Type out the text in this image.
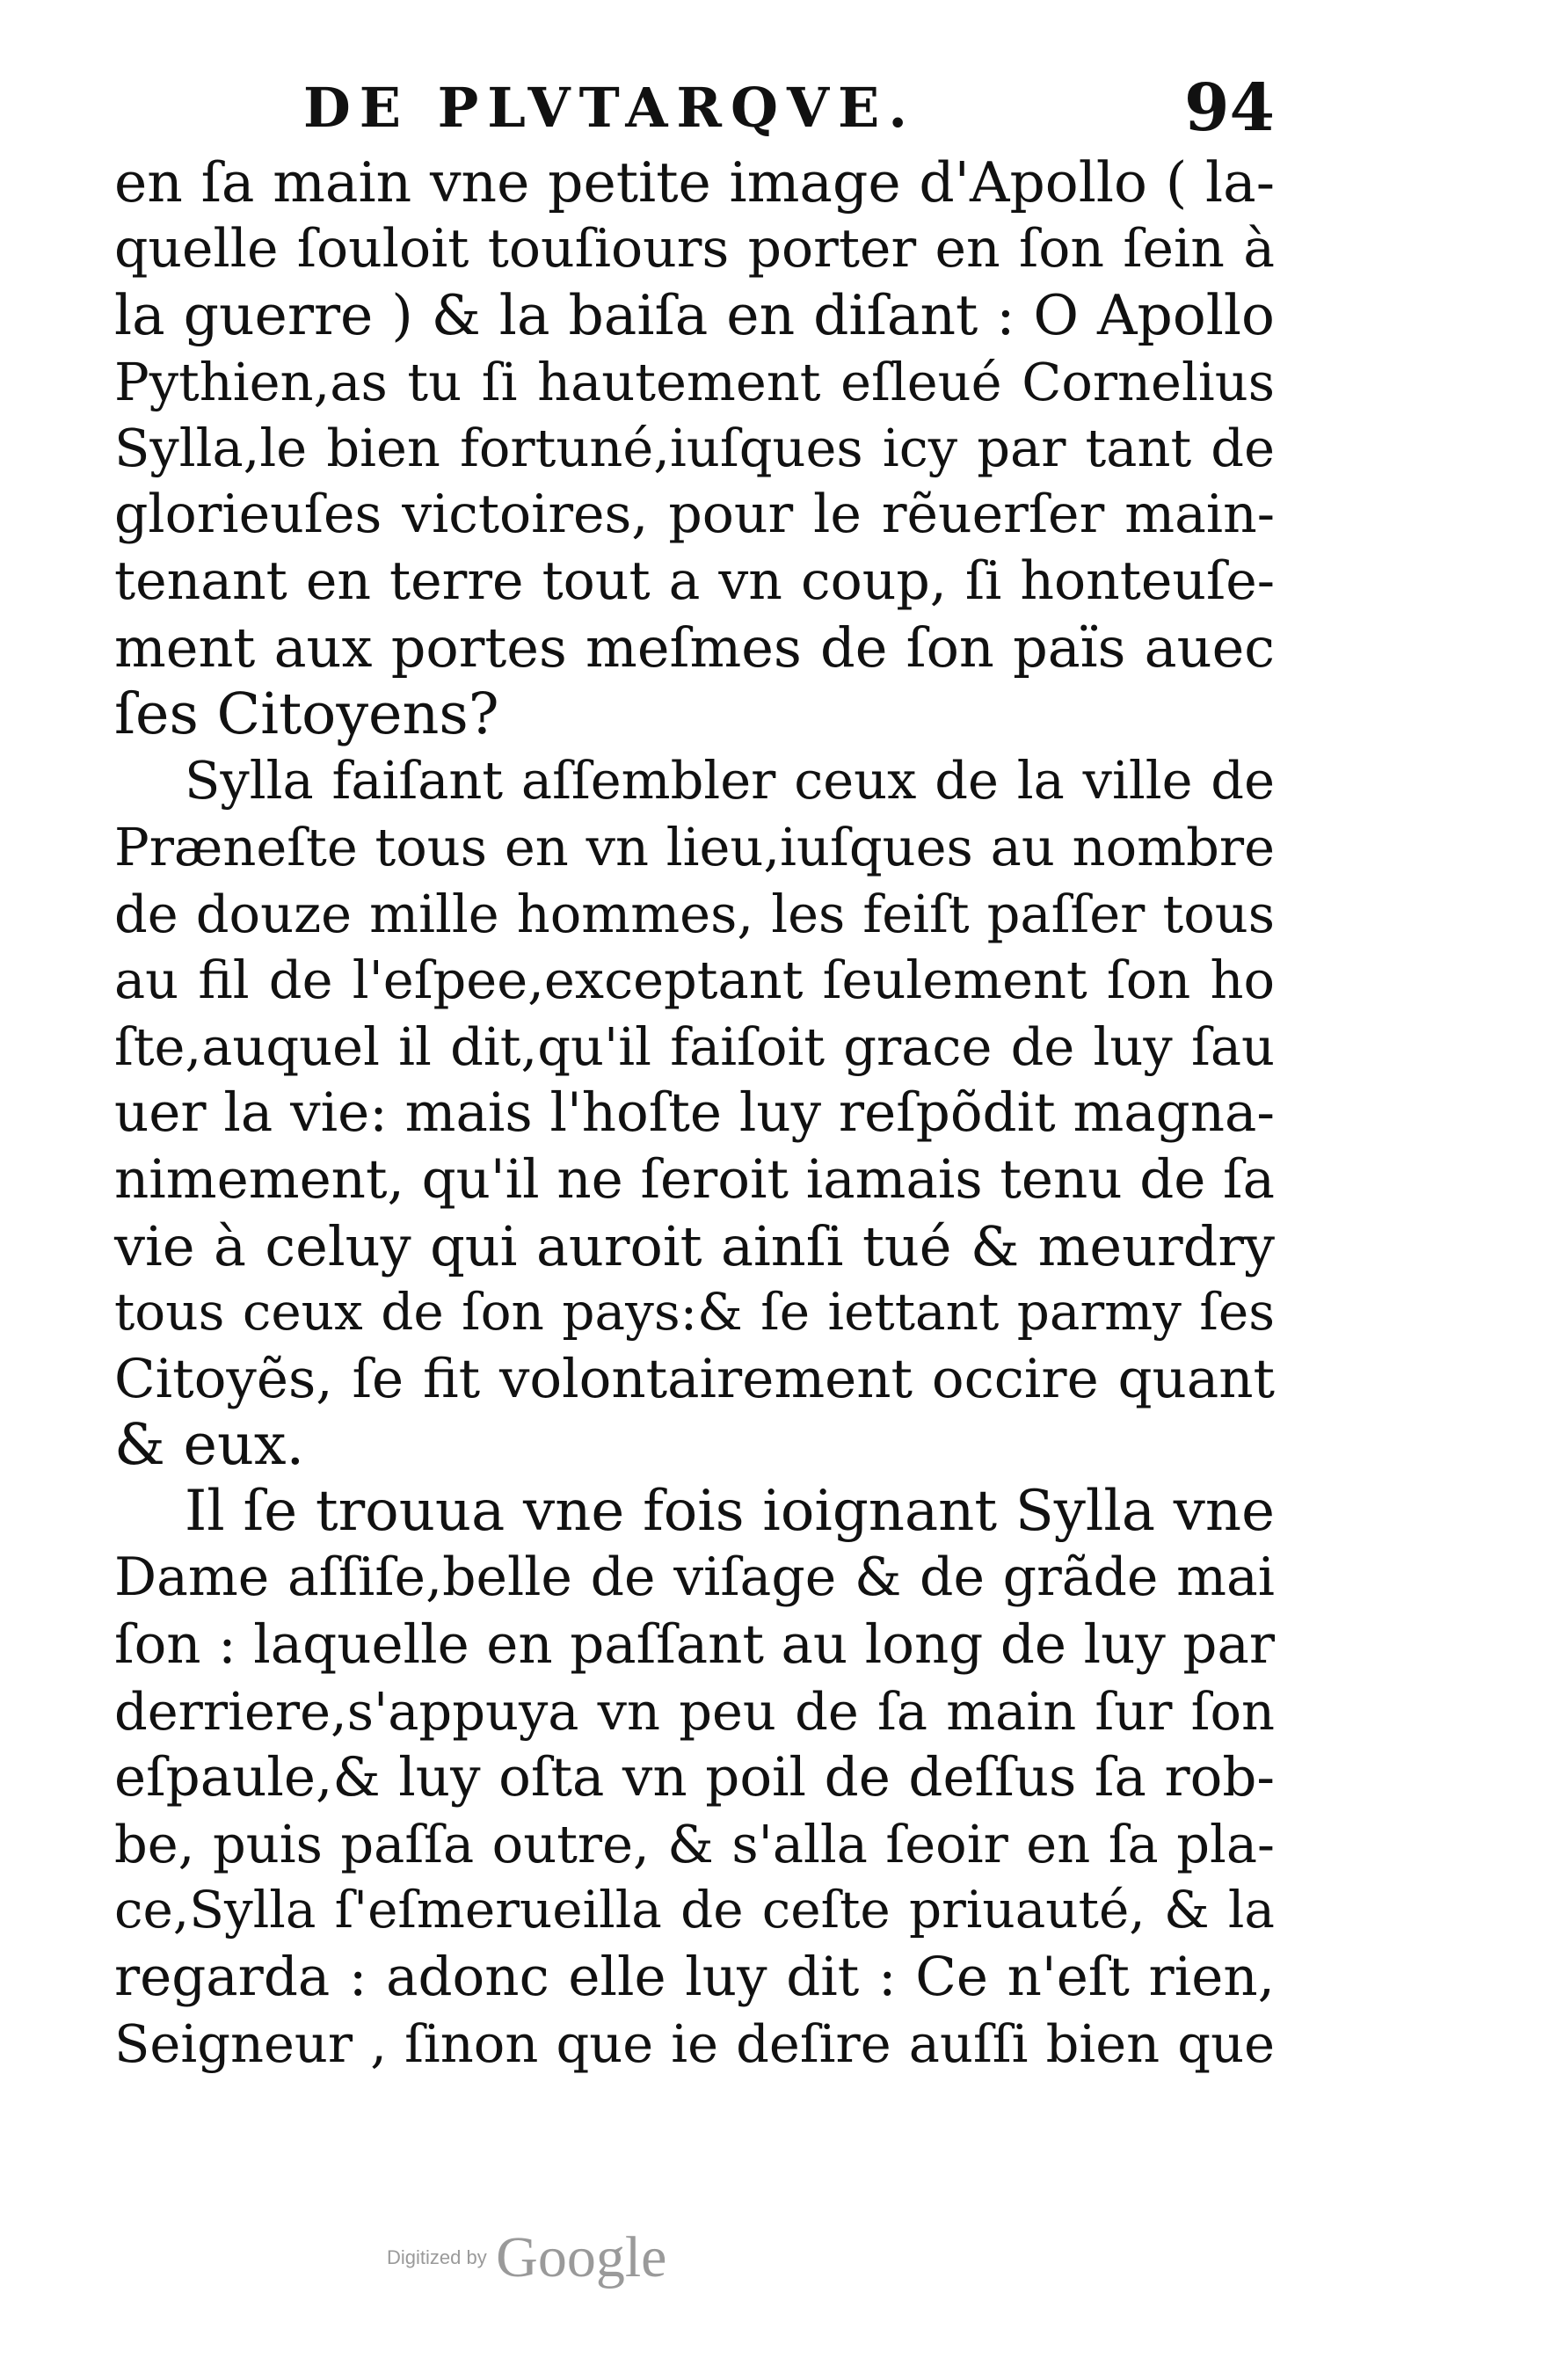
DE PLVTARQVE.	94
en ſa main vne petite image d'Apollo ( la-
quelle ſouloit touſiours porter en ſon ſein à
la guerre ) & la baiſa en diſant : O Apollo
Pythien,as tu ſi hautement eſleué Cornelius
Sylla,le bien fortuné,iuſques icy par tant de
glorieuſes victoires, pour le rẽuerſer main-
tenant en terre tout a vn coup, ſi honteuſe-
ment aux portes meſmes de ſon païs auec
ſes Citoyens?
Sylla faiſant aſſembler ceux de la ville de
Præneſte tous en vn lieu,iuſques au nombre
de douze mille hommes, les feiſt paſſer tous
au fil de l'eſpee,exceptant ſeulement ſon ho
ſte,auquel il dit,qu'il faiſoit grace de luy ſau
uer la vie: mais l'hoſte luy reſpõdit magna-
nimement, qu'il ne ſeroit iamais tenu de ſa
vie à celuy qui auroit ainſi tué & meurdry
tous ceux de ſon pays:& ſe iettant parmy ſes
Citoyẽs, ſe fit volontairement occire quant
& eux.
Il ſe trouua vne fois ioignant Sylla vne
Dame aſſiſe,belle de viſage & de grãde mai
ſon : laquelle en paſſant au long de luy par
derriere,s'appuya vn peu de ſa main ſur ſon
eſpaule,& luy oſta vn poil de deſſus ſa rob-
be, puis paſſa outre, & s'alla ſeoir en ſa pla-
ce,Sylla ſ'eſmerueilla de ceſte priuauté, & la
regarda : adonc elle luy dit : Ce n'eſt rien,
Seigneur , ſinon que ie deſire auſſi bien que
Digitized by Google
